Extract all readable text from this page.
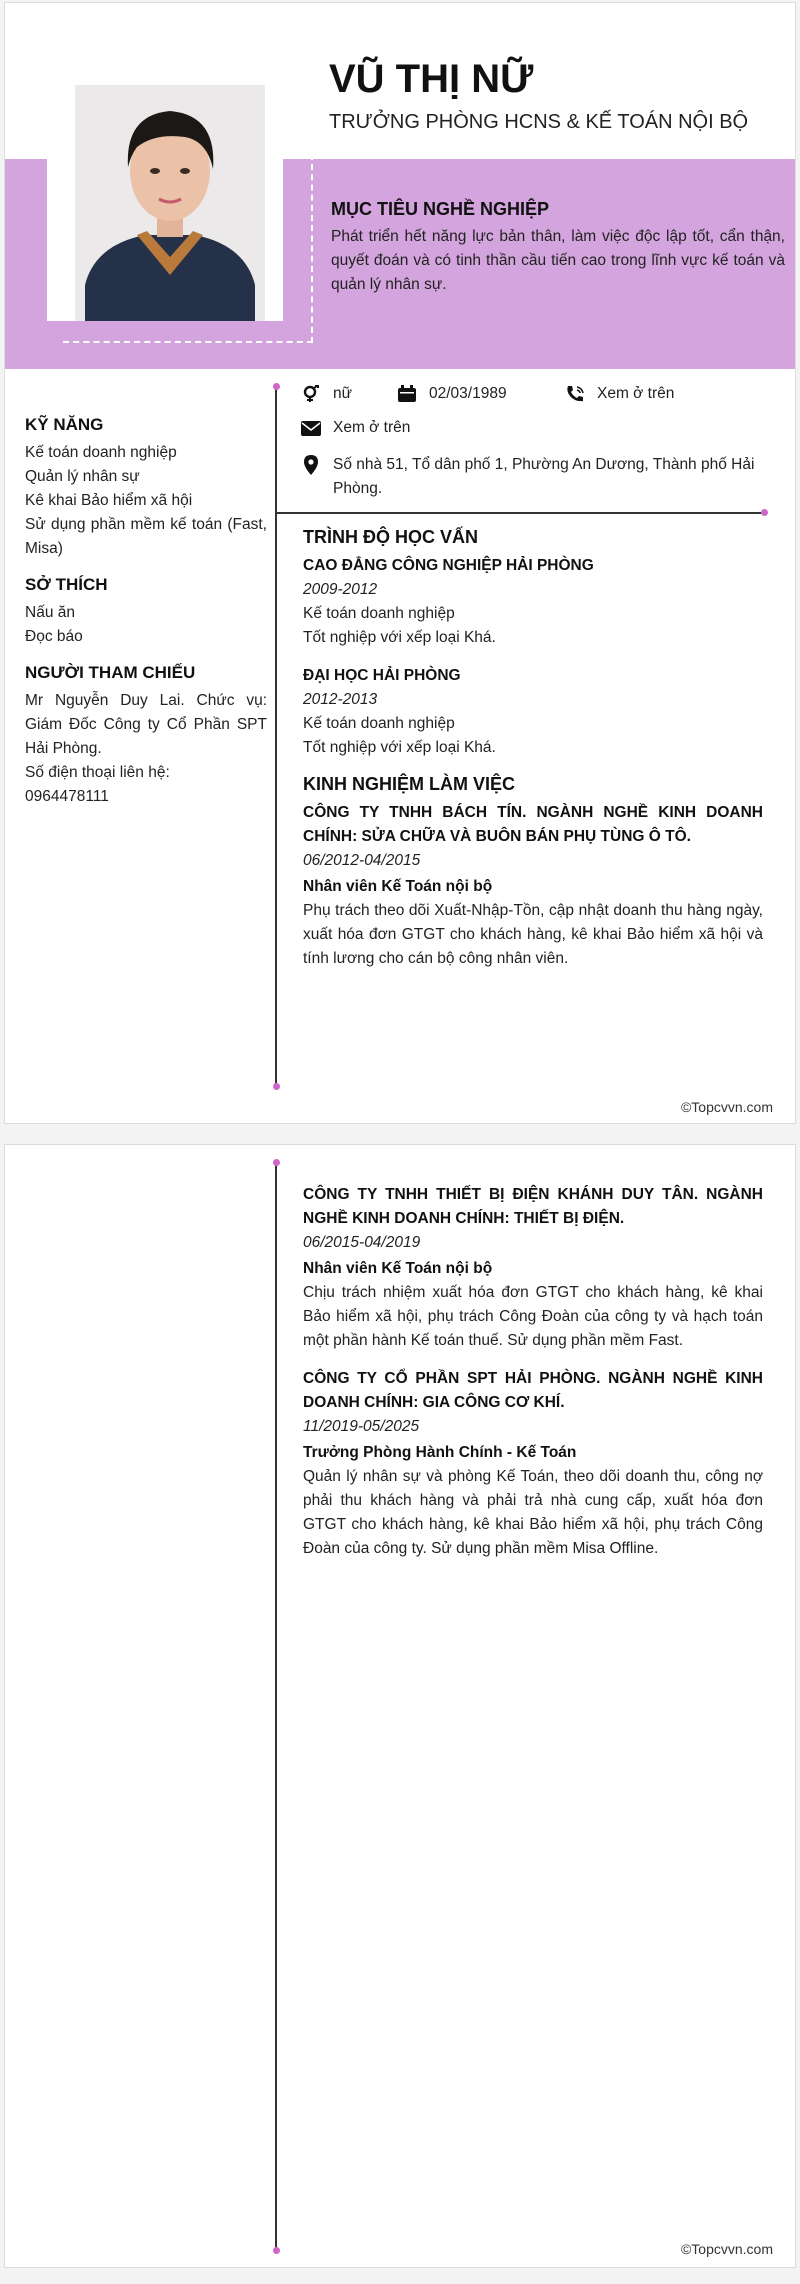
VŨ THỊ NỮ
TRƯỞNG PHÒNG HCNS & KẾ TOÁN NỘI BỘ
MỤC TIÊU NGHỀ NGHIỆP
Phát triển hết năng lực bản thân, làm việc độc lập tốt, cẩn thận, quyết đoán và có tinh thần cầu tiến cao trong lĩnh vực kế toán và quản lý nhân sự.
nữ	02/03/1989	Xem ở trên
Xem ở trên
Số nhà 51, Tổ dân phố 1, Phường An Dương, Thành phố Hải Phòng.
KỸ NĂNG
Kế toán doanh nghiệp
Quản lý nhân sự
Kê khai Bảo hiểm xã hội
Sử dụng phần mềm kế toán (Fast, Misa)
SỞ THÍCH
Nấu ăn
Đọc báo
NGƯỜI THAM CHIẾU
Mr Nguyễn Duy Lai. Chức vụ: Giám Đốc Công ty Cổ Phần SPT Hải Phòng.
Số điện thoại liên hệ:
0964478111
TRÌNH ĐỘ HỌC VẤN
CAO ĐẲNG CÔNG NGHIỆP HẢI PHÒNG
2009-2012
Kế toán doanh nghiệp
Tốt nghiệp với xếp loại Khá.
ĐẠI HỌC HẢI PHÒNG
2012-2013
Kế toán doanh nghiệp
Tốt nghiệp với xếp loại Khá.
KINH NGHIỆM LÀM VIỆC
CÔNG TY TNHH BÁCH TÍN. NGÀNH NGHỀ KINH DOANH CHÍNH: SỬA CHỮA VÀ BUÔN BÁN PHỤ TÙNG Ô TÔ.
06/2012-04/2015
Nhân viên Kế Toán nội bộ
Phụ trách theo dõi Xuất-Nhập-Tồn, cập nhật doanh thu hàng ngày, xuất hóa đơn GTGT cho khách hàng, kê khai Bảo hiểm xã hội và tính lương cho cán bộ công nhân viên.
©Topcvvn.com
CÔNG TY TNHH THIẾT BỊ ĐIỆN KHÁNH DUY TÂN. NGÀNH NGHỀ KINH DOANH CHÍNH: THIẾT BỊ ĐIỆN.
06/2015-04/2019
Nhân viên Kế Toán nội bộ
Chịu trách nhiệm xuất hóa đơn GTGT cho khách hàng, kê khai Bảo hiểm xã hội, phụ trách Công Đoàn của công ty và hạch toán một phần hành Kế toán thuế. Sử dụng phần mềm Fast.
CÔNG TY CỔ PHẦN SPT HẢI PHÒNG. NGÀNH NGHỀ KINH DOANH CHÍNH: GIA CÔNG CƠ KHÍ.
11/2019-05/2025
Trưởng Phòng Hành Chính - Kế Toán
Quản lý nhân sự và phòng Kế Toán, theo dõi doanh thu, công nợ phải thu khách hàng và phải trả nhà cung cấp, xuất hóa đơn GTGT cho khách hàng, kê khai Bảo hiểm xã hội, phụ trách Công Đoàn của công ty. Sử dụng phần mềm Misa Offline.
©Topcvvn.com
